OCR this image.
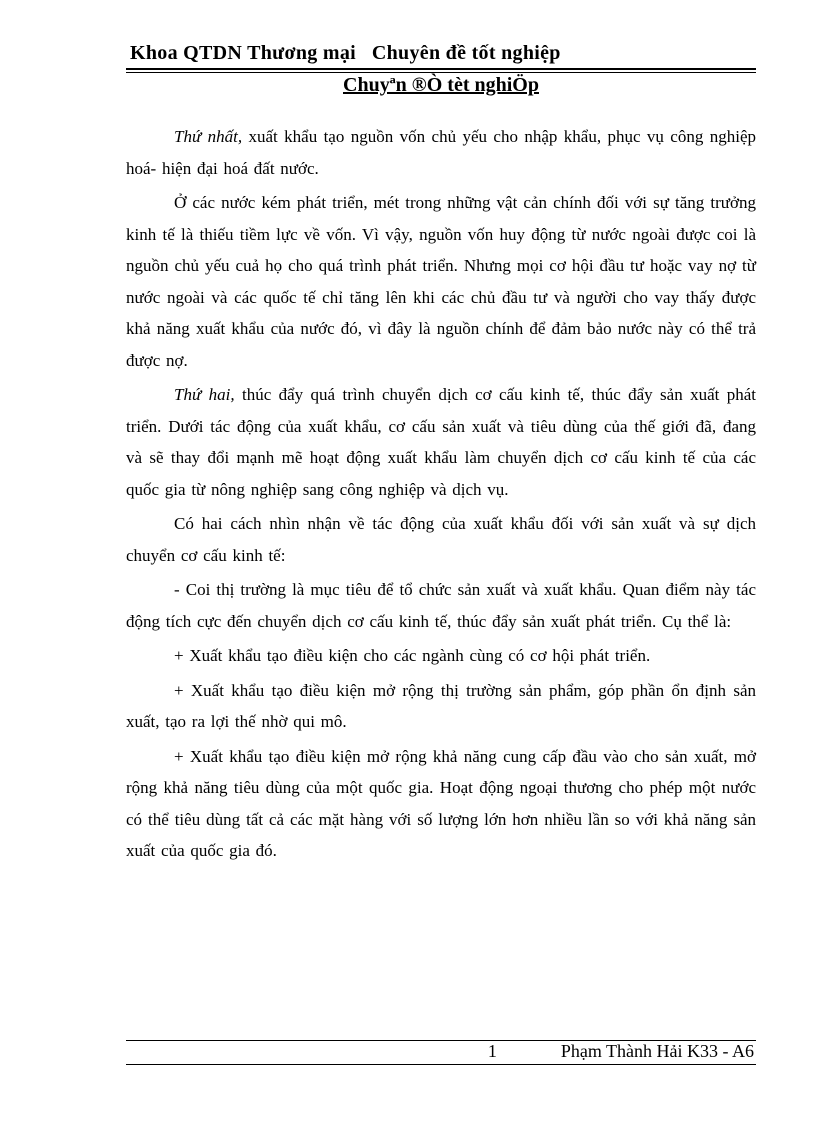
Khoa QTDN Thương mại   Chuyên đề tốt nghiệp
Chuyªn ®Ò tèt nghiÖp

Thứ nhất, xuất khẩu tạo nguồn vốn chủ yếu cho nhập khẩu, phục vụ công nghiệp hoá- hiện đại hoá đất nước.

Ở các nước kém phát triển, mét trong những vật cản chính đối với sự tăng trưởng kinh tế là thiếu tiềm lực về vốn. Vì vậy, nguồn vốn huy động từ nước ngoài được coi là nguồn chủ yếu cuả họ cho quá trình phát triển. Nhưng mọi cơ hội đầu tư hoặc vay nợ từ nước ngoài và các quốc tế chỉ tăng lên khi các chủ đầu tư và người cho vay thấy được khả năng xuất khẩu của nước đó, vì đây là nguồn chính để đảm bảo nước này có thể trả được nợ.

Thứ hai, thúc đẩy quá trình chuyển dịch cơ cấu kinh tế, thúc đẩy sản xuất phát triển. Dưới tác động của xuất khẩu, cơ cấu sản xuất và tiêu dùng của thế giới đã, đang và sẽ thay đổi mạnh mẽ hoạt động xuất khẩu làm chuyển dịch cơ cấu kinh tế của các quốc gia từ nông nghiệp sang công nghiệp và dịch vụ.

Có hai cách nhìn nhận về tác động của xuất khẩu đối với sản xuất và sự dịch chuyển cơ cấu kinh tế:

- Coi thị trường là mục tiêu để tổ chức sản xuất và xuất khẩu. Quan điểm này tác động tích cực đến chuyển dịch cơ cấu kinh tế, thúc đẩy sản xuất phát triển. Cụ thể là:

+ Xuất khẩu tạo điều kiện cho các ngành cùng có cơ hội phát triển.

+ Xuất khẩu tạo điều kiện mở rộng thị trường sản phẩm, góp phần ổn định sản xuất, tạo ra lợi thế nhờ qui mô.

+ Xuất khẩu tạo điều kiện mở rộng khả năng cung cấp đầu vào cho sản xuất, mở rộng khả năng tiêu dùng của một quốc gia. Hoạt động ngoại thương cho phép một nước có thể tiêu dùng tất cả các mặt hàng với số lượng lớn hơn nhiều lần so với khả năng sản xuất của quốc gia đó.

1	Phạm Thành Hải K33 - A6
